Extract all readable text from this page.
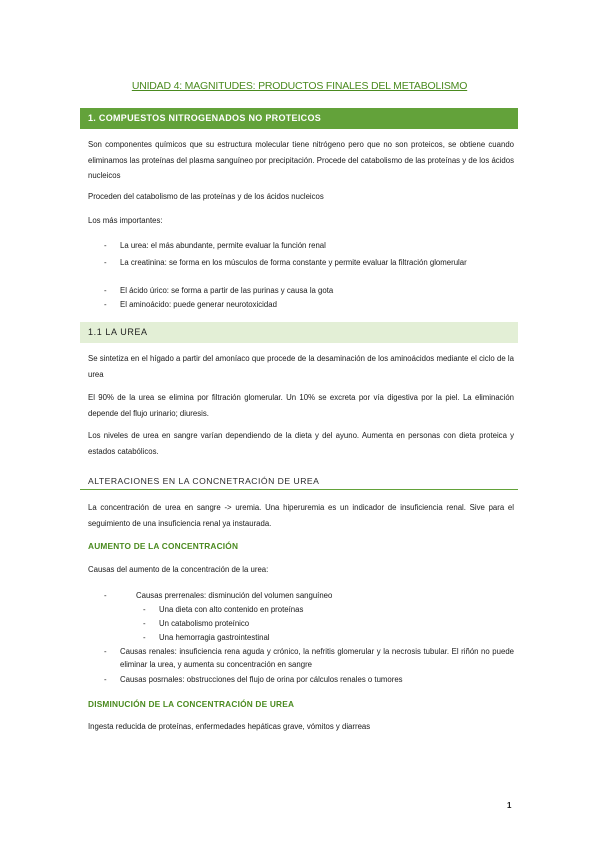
UNIDAD 4: MAGNITUDES: PRODUCTOS FINALES DEL METABOLISMO
1. COMPUESTOS NITROGENADOS NO PROTEICOS
Son componentes químicos que su estructura molecular tiene nitrógeno pero que no son proteicos, se obtiene cuando eliminamos las proteínas del plasma sanguíneo por precipitación. Procede del catabolismo de las proteínas y de los ácidos nucleicos
Proceden del catabolismo de las proteínas y de los ácidos nucleicos
Los más importantes:
- La urea: el más abundante, permite evaluar la función renal
- La creatinina: se forma en los músculos de forma constante y permite evaluar la filtración glomerular
- El ácido úrico: se forma a partir de las purinas y causa la gota
- El aminoácido: puede generar neurotoxicidad
1.1 LA UREA
Se sintetiza en el hígado a partir del amoníaco que procede de la desaminación de los aminoácidos mediante el ciclo de la urea
El 90% de la urea se elimina por filtración glomerular. Un 10% se excreta por vía digestiva por la piel. La eliminación depende del flujo urinario; diuresis.
Los niveles de urea en sangre varían dependiendo de la dieta y del ayuno. Aumenta en personas con dieta proteica y estados catabólicos.
ALTERACIONES EN LA CONCNETRACIÓN DE UREA
La concentración de urea en sangre -> uremia. Una hiperuremia es un indicador de insuficiencia renal. Sive para el seguimiento de una insuficiencia renal ya instaurada.
AUMENTO DE LA CONCENTRACIÓN
Causas del aumento de la concentración de la urea:
-	Causas prerrenales: disminución del volumen sanguíneo
- Una dieta con alto contenido en proteínas
- Un catabolismo proteínico
- Una hemorragia gastrointestinal
- Causas renales: insuficiencia rena aguda y crónico, la nefritis glomerular y la necrosis tubular. El riñón no puede eliminar la urea, y aumenta su concentración en sangre
- Causas posrnales: obstrucciones del flujo de orina por cálculos renales o tumores
DISMINUCIÓN DE LA CONCENTRACIÓN DE UREA
Ingesta reducida de proteínas, enfermedades hepáticas grave, vómitos y diarreas
1
